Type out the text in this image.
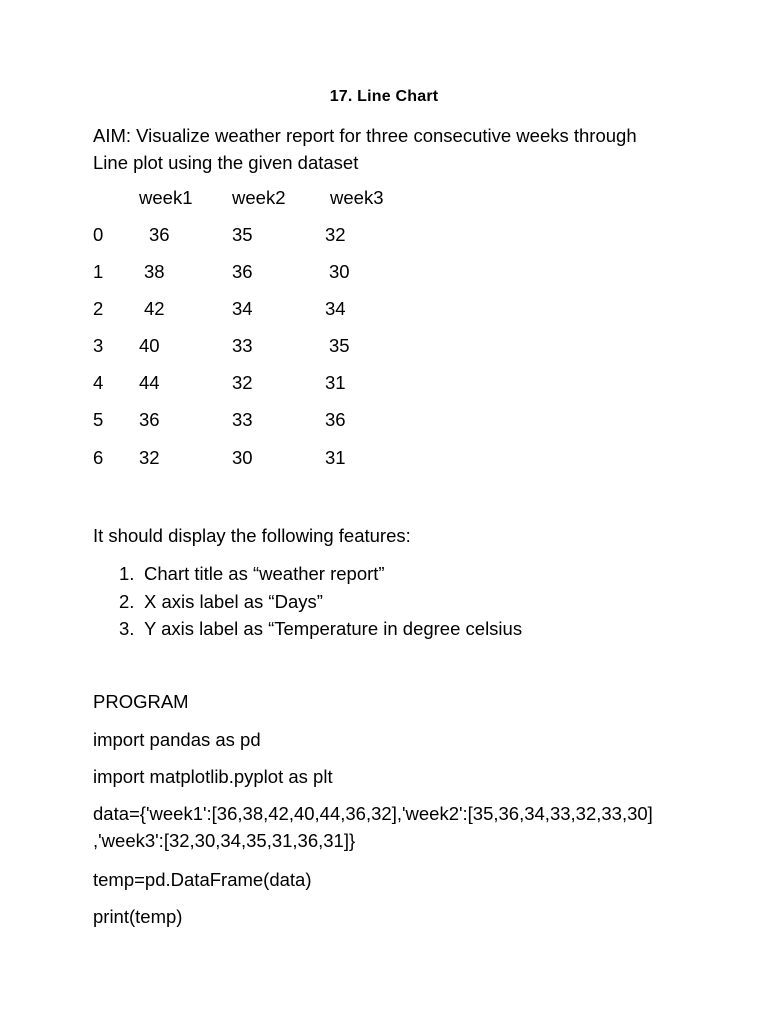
17. Line Chart
AIM: Visualize weather report for three consecutive weeks through
Line plot using the given dataset
week1 week2 week3
0 36	35	32
1 38	36	30
2 42	34	34
3 40	33	35
4 44	32	31
5 36	33	36
6 32	30	31
It should display the following features:
1. Chart title as “weather report”
2. X axis label as “Days”
3. Y axis label as “Temperature in degree celsius
PROGRAM
import pandas as pd
import matplotlib.pyplot as plt
data={'week1':[36,38,42,40,44,36,32],'week2':[35,36,34,33,32,33,30]
,'week3':[32,30,34,35,31,36,31]}
temp=pd.DataFrame(data)
print(temp)
